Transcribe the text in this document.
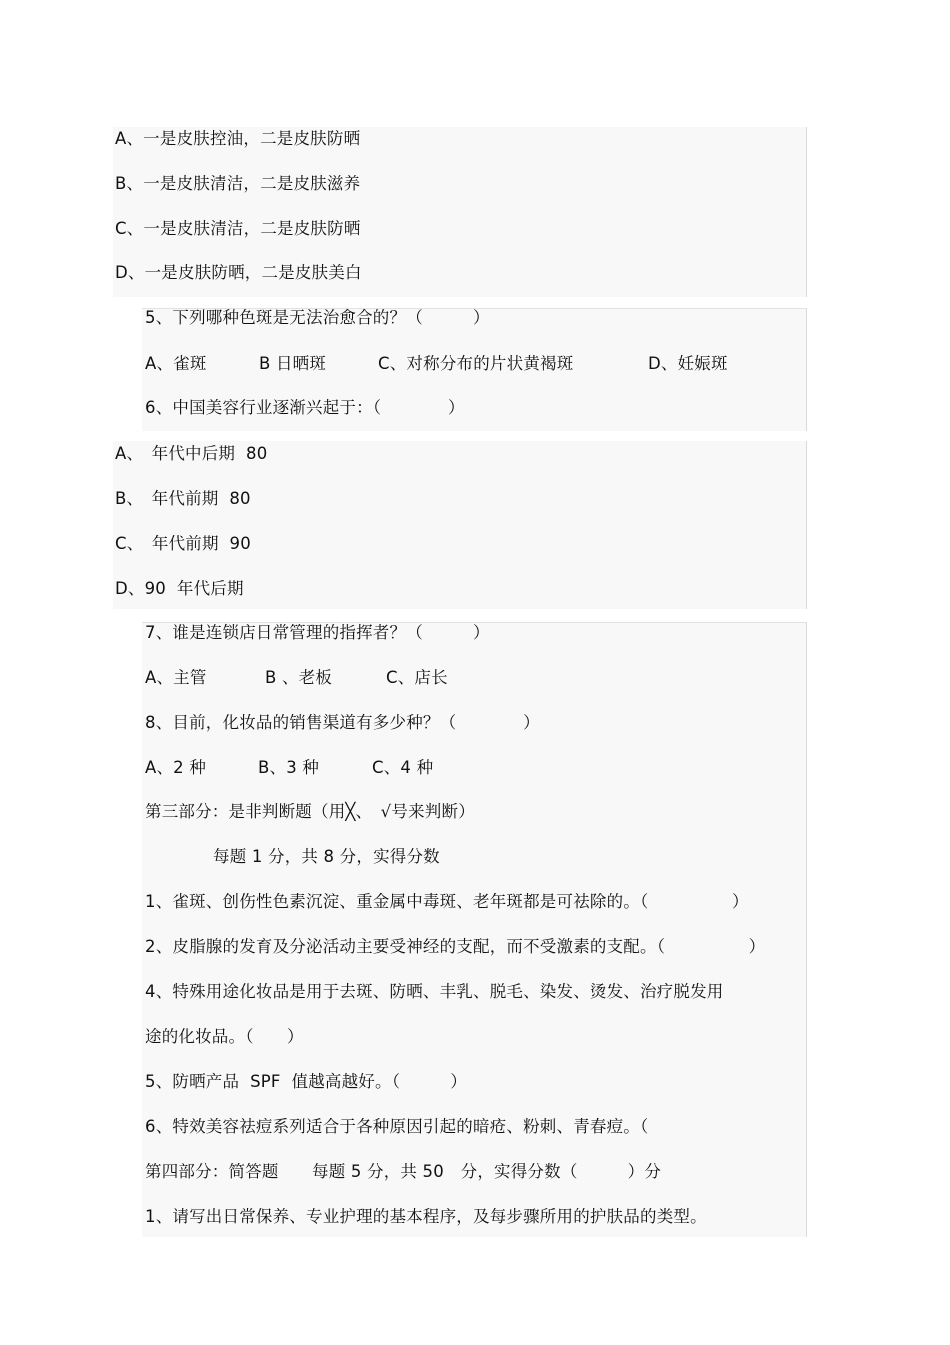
A、一是皮肤控油，二是皮肤防晒
B、一是皮肤清洁，二是皮肤滋养
C、一是皮肤清洁，二是皮肤防晒
D、一是皮肤防晒，二是皮肤美白
5、下列哪种色斑是无法治愈合的？（　　　）
A、雀斑	B 日晒斑	C、对称分布的片状黄褐斑	D、妊娠斑
6、中国美容行业逐渐兴起于：（　　　　）
A、　年代中后期  80
B、　年代前期  80
C、　年代前期  90
D、90  年代后期
7、谁是连锁店日常管理的指挥者？（　　　）
A、主管	B 、老板	C、店长
8、目前，化妆品的销售渠道有多少种？（　　　　）
A、2 种	B、3 种	C、4 种
第三部分：是非判断题（用╳、　√号来判断）
每题 1 分，共 8 分，实得分数
1、雀斑、创伤性色素沉淀、重金属中毒斑、老年斑都是可祛除的。（　　　　　）
2、皮脂腺的发育及分泌活动主要受神经的支配，而不受激素的支配。（　　　　　）
4、特殊用途化妆品是用于去斑、防晒、丰乳、脱毛、染发、烫发、治疗脱发用
途的化妆品。（　　）
5、防晒产品  SPF  值越高越好。（　　　）
6、特效美容祛痘系列适合于各种原因引起的暗疮、粉刺、青春痘。（
第四部分：简答题　　每题 5 分，共 50　分，实得分数（　　　）分
1、请写出日常保养、专业护理的基本程序，及每步骤所用的护肤品的类型。
